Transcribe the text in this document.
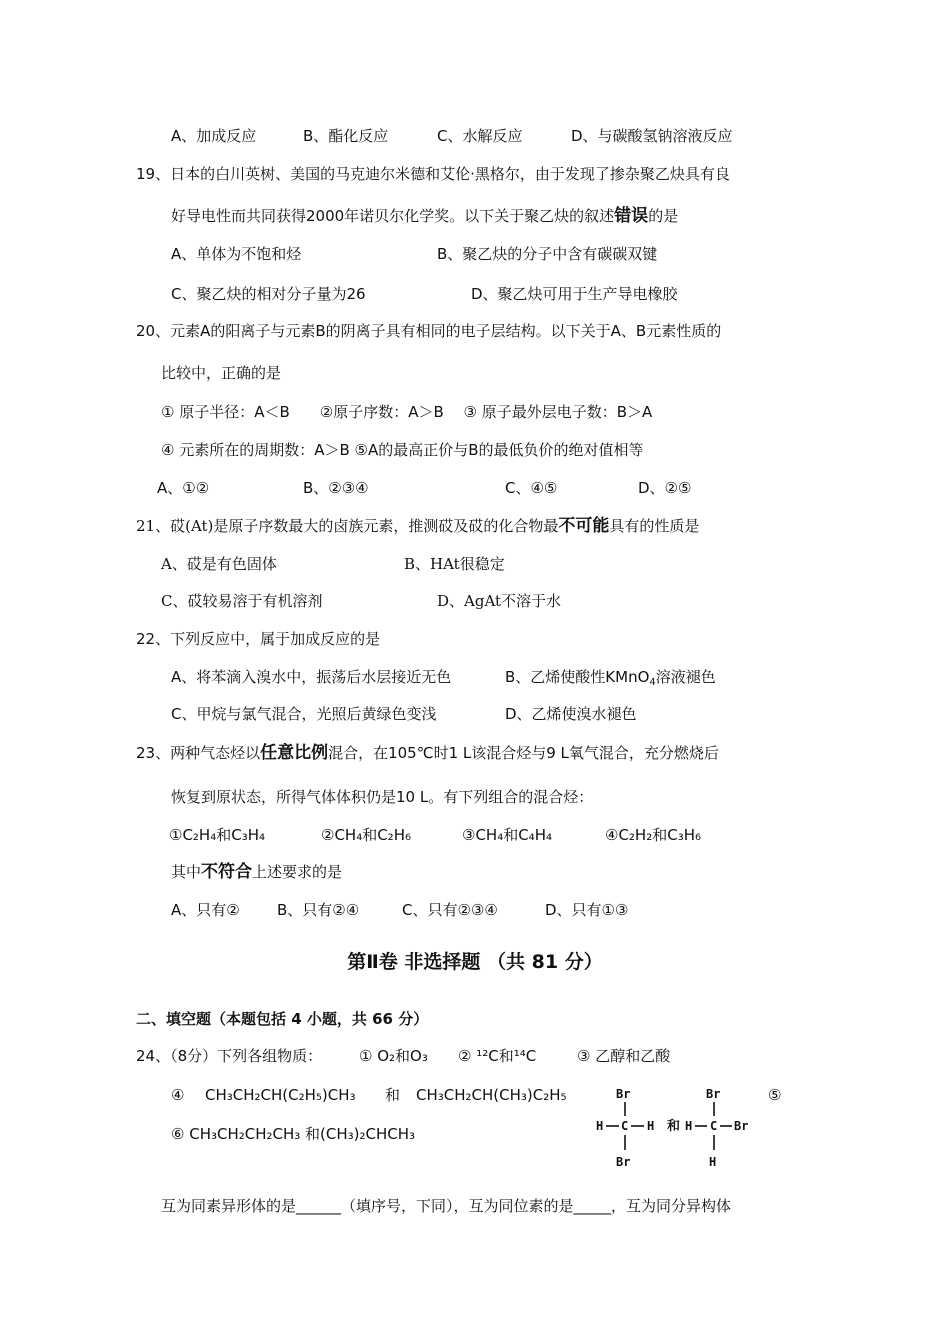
A、加成反应	B、酯化反应	C、水解反应	D、与碳酸氢钠溶液反应
19、日本的白川英树、美国的马克迪尔米德和艾伦·黑格尔，由于发现了掺杂聚乙炔具有良
好导电性而共同获得2000年诺贝尔化学奖。以下关于聚乙炔的叙述错误的是
A、单体为不饱和烃	B、聚乙炔的分子中含有碳碳双键
C、聚乙炔的相对分子量为26	D、聚乙炔可用于生产导电橡胶
20、元素A的阳离子与元素B的阴离子具有相同的电子层结构。以下关于A、B元素性质的
比较中，正确的是
① 原子半径：A＜B　　②原子序数：A＞B　 ③ 原子最外层电子数：B＞A
④ 元素所在的周期数：A＞B ⑤A的最高正价与B的最低负价的绝对值相等
A、①②	B、②③④	C、④⑤	D、②⑤
21、砹(At)是原子序数最大的卤族元素，推测砹及砹的化合物最不可能具有的性质是
A、砹是有色固体	B、HAt很稳定
C、砹较易溶于有机溶剂	D、AgAt不溶于水
22、下列反应中，属于加成反应的是
A、将苯滴入溴水中，振荡后水层接近无色	B、乙烯使酸性KMnO$_4$溶液褪色
C、甲烷与氯气混合，光照后黄绿色变浅	D、乙烯使溴水褪色
23、两种气态烃以任意比例混合，在105℃时1 L该混合烃与9 L氧气混合，充分燃烧后
恢复到原状态，所得气体体积仍是10 L。有下列组合的混合烃：
①C₂H₄和C₃H₄	②CH₄和C₂H₆	③CH₄和C₄H₄	④C₂H₂和C₃H₆
其中不符合上述要求的是
A、只有② B、只有②④	C、只有②③④	D、只有①③
第Ⅱ卷 非选择题 （共 81 分）
二、填空题（本题包括 4 小题，共 66 分）
24、（8分）下列各组物质： ① O₂和O₃ ② ¹²C和¹⁴C	③ 乙醇和乙酸
④ CH₃CH₂CH(C₂H₅)CH₃ 和 CH₃CH₂CH(CH₃)C₂H₅	⑤
⑥ CH₃CH₂CH₂CH₃ 和(CH₃)₂CHCH₃
Br
H C H
Br
和
Br
H C Br
H
互为同素异形体的是______（填序号，下同），互为同位素的是_____，互为同分异构体
